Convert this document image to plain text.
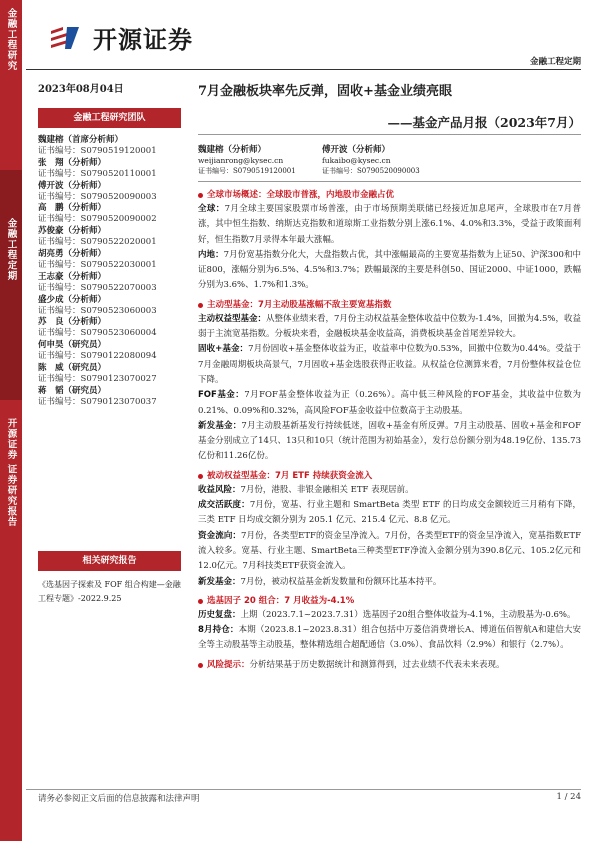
金融工程研究
金融工程定期
开源证券 证券研究报告
开源证券
金融工程定期
2023年08月04日
金融工程研究团队
魏建榕（首席分析师）
证书编号：S0790519120001
张　翔（分析师）
证书编号：S0790520110001
傅开波（分析师）
证书编号：S0790520090003
高　鹏（分析师）
证书编号：S0790520090002
苏俊豪（分析师）
证书编号：S0790522020001
胡亮勇（分析师）
证书编号：S0790522030001
王志豪（分析师）
证书编号：S0790522070003
盛少成（分析师）
证书编号：S0790523060003
苏　良（分析师）
证书编号：S0790523060004
何申昊（研究员）
证书编号：S0790122080094
陈　威（研究员）
证书编号：S0790123070027
蒋　韬（研究员）
证书编号：S0790123070037
相关研究报告
《选基因子探索及 FOF 组合构建—金融工程专题》-2022.9.25
7月金融板块率先反弹，固收+基金业绩亮眼
——基金产品月报（2023年7月）
魏建榕（分析师）
weijianrong@kysec.cn
证书编号：S0790519120001
傅开波（分析师）
fukaibo@kysec.cn
证书编号：S0790520090003
全球市场概述：全球股市普涨，内地股市金融占优
全球：7月全球主要国家股票市场普涨，由于市场预期美联储已经接近加息尾声，全球股市在7月普涨，其中恒生指数、纳斯达克指数和道琼斯工业指数分别上涨6.1%、4.0%和3.3%，受益于政策面利好，恒生指数7月录得本年最大涨幅。
内地：7月份宽基指数分化大，大盘指数占优，其中涨幅最高的主要宽基指数为上证50、沪深300和中证800，涨幅分别为6.5%、4.5%和3.7%；跌幅最深的主要是科创50、国证2000、中证1000，跌幅分别为3.6%、1.7%和1.3%。
主动型基金：7月主动股基涨幅不敌主要宽基指数
主动权益型基金：从整体业绩来看，7月份主动权益基金整体收益中位数为-1.4%，回撤为4.5%，收益弱于主流宽基指数。分板块来看，金融板块基金收益高，消费板块基金首尾差异较大。
固收+基金：7月份固收+基金整体收益为正，收益率中位数为0.53%，回撤中位数为0.44%。受益于7月金融周期板块高景气，7月固收+基金选股获得正收益。从权益仓位测算来看，7月份整体权益仓位下降。
FOF基金：7月FOF基金整体收益为正（0.26%）。高中低三种风险的FOF基金，其收益中位数为0.21%、0.09%和0.32%，高风险FOF基金收益中位数高于主动股基。
新发基金：7月主动股基新基发行持续低迷，固收+基金有所反弹。7月主动股基、固收+基金和FOF基金分别成立了14只、13只和10只（统计范围为初始基金），发行总份额分别为48.19亿份、135.73亿份和11.26亿份。
被动权益型基金：7月 ETF 持续获资金流入
收益风险：7月份，港股、非银金融相关 ETF 表现居前。
成交活跃度：7月份，宽基、行业主题和 SmartBeta 类型 ETF 的日均成交金额较近三月稍有下降，三类 ETF 日均成交额分别为 205.1 亿元、215.4 亿元、8.8 亿元。
资金流向：7月份，各类型ETF的资金呈净流入。7月份，各类型ETF的资金呈净流入，宽基指数ETF流入较多。宽基、行业主题、SmartBeta三种类型ETF净流入金额分别为390.8亿元、105.2亿元和12.0亿元。7月科技类ETF获资金流入。
新发基金：7月份，被动权益基金新发数量和份额环比基本持平。
选基因子 20 组合：7 月收益为-4.1%
历史复盘：上期（2023.7.1~2023.7.31）选基因子20组合整体收益为-4.1%，主动股基为-0.6%。
8月持仓：本期（2023.8.1~2023.8.31）组合包括中万菱信消费增长A、博道伍佰智航A和建信大安全等主动股基等主动股基，整体精选组合超配通信（3.0%）、食品饮料（2.9%）和银行（2.7%）。
风险提示： 分析结果基于历史数据统计和测算得到，过去业绩不代表未来表现。
请务必参阅正文后面的信息披露和法律声明	1 / 24
